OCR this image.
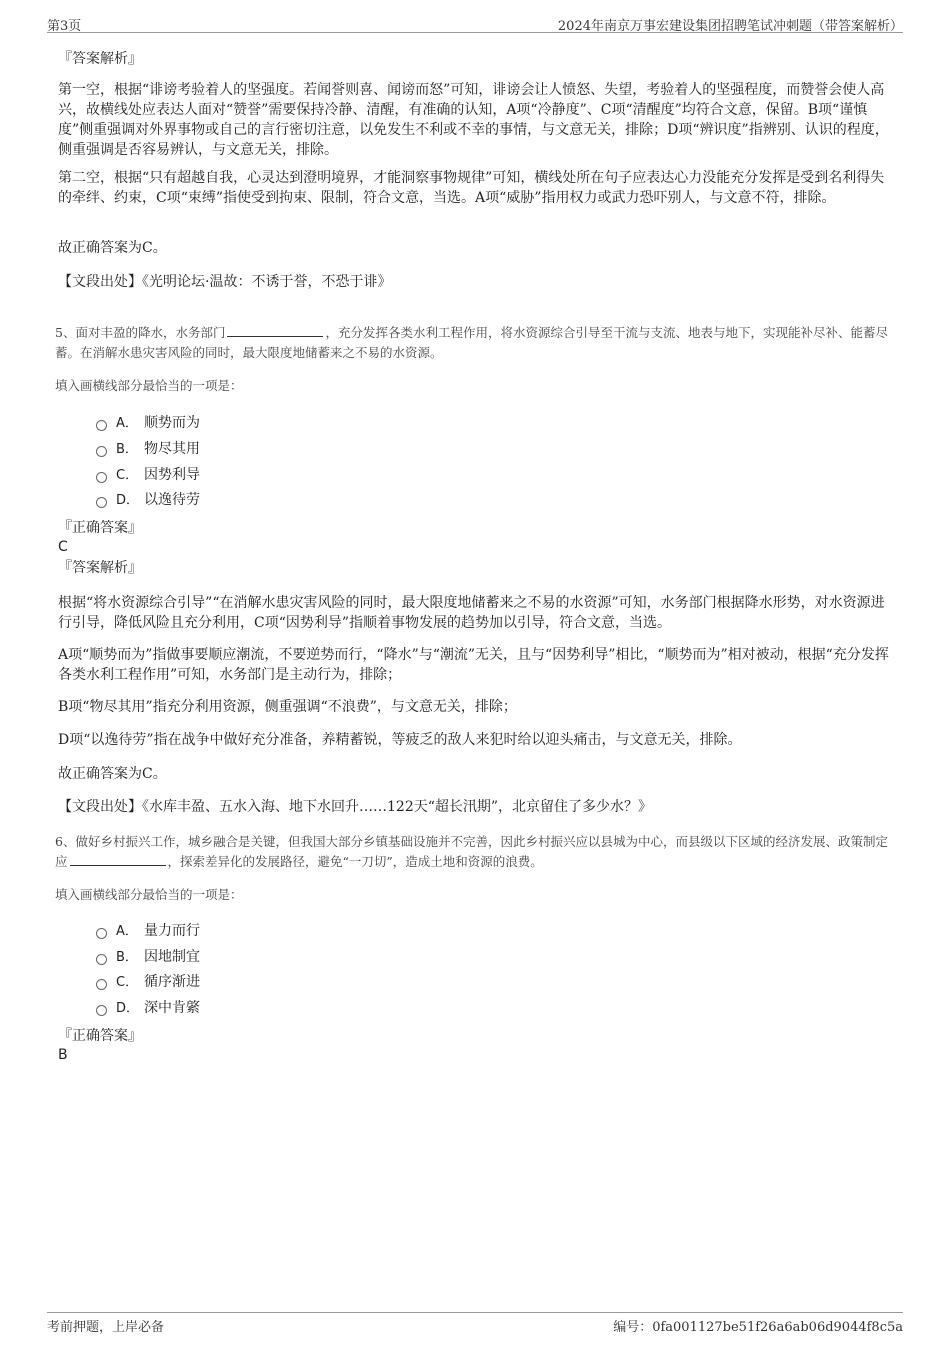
第3页	2024年南京万事宏建设集团招聘笔试冲刺题（带答案解析）
『答案解析』
第一空，根据“诽谤考验着人的坚强度。若闻誉则喜、闻谤而怒”可知，诽谤会让人愤怒、失望，考验着人的坚强程度，而赞誉会使人高兴，故横线处应表达人面对“赞誉”需要保持冷静、清醒，有准确的认知，A项“冷静度”、C项“清醒度”均符合文意，保留。B项“谨慎度”侧重强调对外界事物或自己的言行密切注意，以免发生不利或不幸的事情，与文意无关，排除；D项“辨识度”指辨别、认识的程度，侧重强调是否容易辨认，与文意无关，排除。
第二空，根据“只有超越自我，心灵达到澄明境界，才能洞察事物规律”可知，横线处所在句子应表达心力没能充分发挥是受到名利得失的牵绊、约束，C项“束缚”指使受到拘束、限制，符合文意，当选。A项“威胁”指用权力或武力恐吓别人，与文意不符，排除。
故正确答案为C。
【文段出处】《光明论坛·温故：不诱于誉，不恐于诽》
5、面对丰盈的降水，水务部门	，充分发挥各类水利工程作用，将水资源综合引导至干流与支流、地表与地下，实现能补尽补、能蓄尽蓄。在消解水患灾害风险的同时，最大限度地储蓄来之不易的水资源。
填入画横线部分最恰当的一项是：
A． 顺势而为
B． 物尽其用
C． 因势利导
D． 以逸待劳
『正确答案』
C
『答案解析』
根据“将水资源综合引导”“在消解水患灾害风险的同时，最大限度地储蓄来之不易的水资源”可知，水务部门根据降水形势，对水资源进行引导，降低风险且充分利用，C项“因势利导”指顺着事物发展的趋势加以引导，符合文意，当选。
A项“顺势而为”指做事要顺应潮流，不要逆势而行，“降水”与“潮流”无关，且与“因势利导”相比，“顺势而为”相对被动，根据“充分发挥各类水利工程作用”可知，水务部门是主动行为，排除；
B项“物尽其用”指充分利用资源，侧重强调“不浪费”，与文意无关，排除；
D项“以逸待劳”指在战争中做好充分准备，养精蓄锐，等疲乏的敌人来犯时给以迎头痛击，与文意无关，排除。
故正确答案为C。
【文段出处】《水库丰盈、五水入海、地下水回升……122天“超长汛期”，北京留住了多少水？》
6、做好乡村振兴工作，城乡融合是关键，但我国大部分乡镇基础设施并不完善，因此乡村振兴应以县城为中心，而县级以下区域的经济发展、政策制定应	，探索差异化的发展路径，避免“一刀切”，造成土地和资源的浪费。
填入画横线部分最恰当的一项是：
A． 量力而行
B． 因地制宜
C． 循序渐进
D． 深中肯綮
『正确答案』
B
考前押题，上岸必备	编号：0fa001127be51f26a6ab06d9044f8c5a
